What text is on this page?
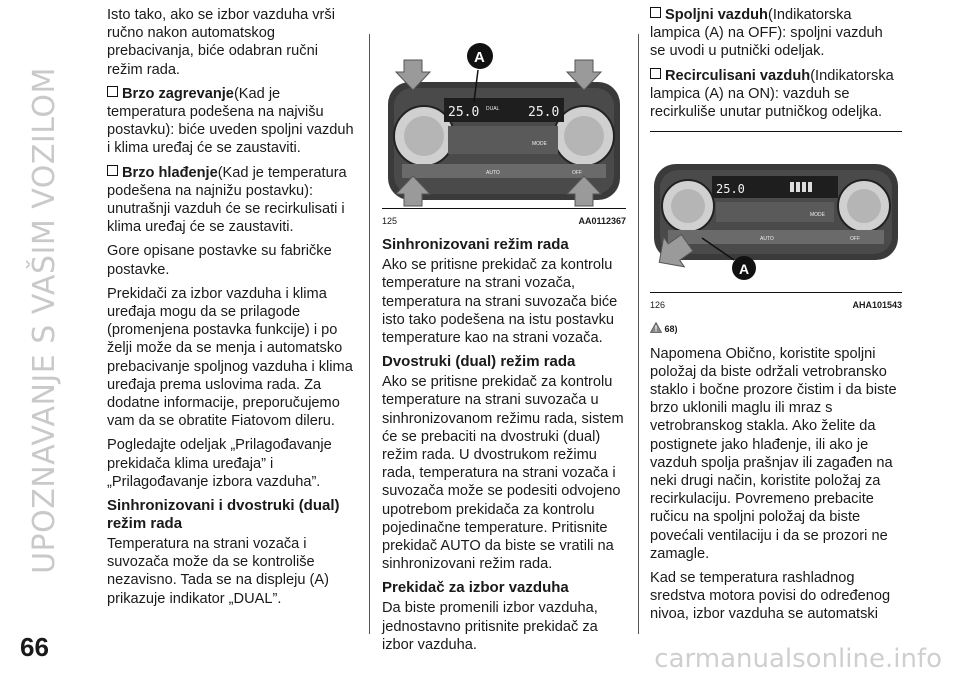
UPOZNAVANJE S VAŠIM VOZILOM
66	carmanualsonline.info

Isto tako, ako se izbor vazduha vrši ručno nakon automatskog prebacivanja, biće odabran ručni režim rada.

Brzo zagrevanje(Kad je temperatura podešena na najvišu postavku): biće uveden spoljni vazduh i klima uređaj će se zaustaviti.

Brzo hlađenje(Kad je temperatura podešena na najnižu postavku): unutrašnji vazduh će se recirkulisati i klima uređaj će se zaustaviti.

Gore opisane postavke su fabričke postavke.

Prekidači za izbor vazduha i klima uređaja mogu da se prilagode (promenjena postavka funkcije) i po želji može da se menja i automatsko prebacivanje spoljnog vazduha i klima uređaja prema uslovima rada. Za dodatne informacije, preporučujemo vam da se obratite Fiatovom dileru.

Pogledajte odeljak „Prilagođavanje prekidača klima uređaja” i „Prilagođavanje izbora vazduha”.

Sinhronizovani i dvostruki (dual) režim rada

Temperatura na strani vozača i suvozača može da se kontroliše nezavisno. Tada se na displeju (A) prikazuje indikator „DUAL”.

25.0 DUAL 25.0
MODE
AUTO	OFF
A
125	AA0112367
Sinhronizovani režim rada

Ako se pritisne prekidač za kontrolu temperature na strani vozača, temperatura na strani suvozača biće isto tako podešena na istu postavku temperature kao na strani vozača.

Dvostruki (dual) režim rada

Ako se pritisne prekidač za kontrolu temperature na strani suvozača u sinhronizovanom režimu rada, sistem će se prebaciti na dvostruki (dual) režim rada. U dvostrukom režimu rada, temperatura na strani vozača i suvozača može se podesiti odvojeno upotrebom prekidača za kontrolu pojedinačne temperature. Pritisnite prekidač AUTO da biste se vratili na sinhronizovani režim rada.

Prekidač za izbor vazduha

Da biste promenili izbor vazduha, jednostavno pritisnite prekidač za izbor vazduha.

Spoljni vazduh(Indikatorska lampica (A) na OFF): spoljni vazduh se uvodi u putnički odeljak.

Recirculisani vazduh(Indikatorska lampica (A) na ON): vazduh se recirkuliše unutar putničkog odeljka.

25.0
MODE
AUTO	OFF
A
126	AHA101543
68)

Napomena Obično, koristite spoljni položaj da biste održali vetrobransko staklo i bočne prozore čistim i da biste brzo uklonili maglu ili mraz s vetrobranskog stakla. Ako želite da postignete jako hlađenje, ili ako je vazduh spolja prašnjav ili zagađen na neki drugi način, koristite položaj za recirkulaciju. Povremeno prebacite ručicu na spoljni položaj da biste povećali ventilaciju i da se prozori ne zamagle.

Kad se temperatura rashladnog sredstva motora povisi do određenog nivoa, izbor vazduha se automatski
